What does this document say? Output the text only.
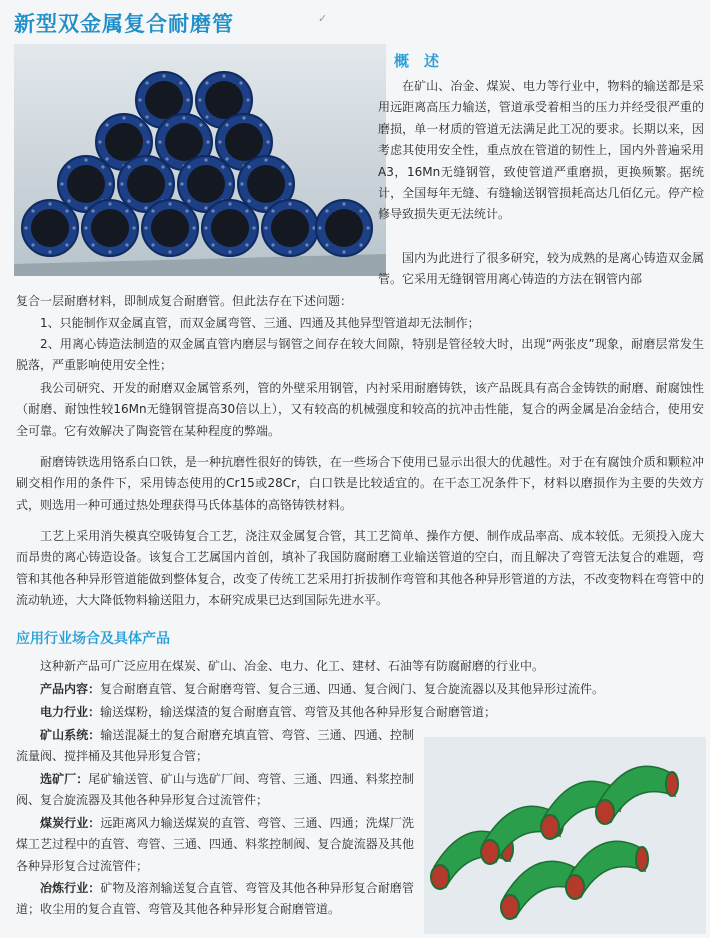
新型双金属复合耐磨管	✓
概　述

在矿山、冶金、煤炭、电力等行业中，物料的输送都是采用远距离高压力输送，管道承受着相当的压力并经受很严重的磨损，单一材质的管道无法满足此工况的要求。长期以来，因考虑其使用安全性，重点放在管道的韧性上，国内外普遍采用A3，16Mn无缝钢管，致使管道严重磨损，更换频繁。据统计，全国每年无缝、有缝输送钢管损耗高达几佰亿元。停产检修导致损失更无法统计。

国内为此进行了很多研究，较为成熟的是离心铸造双金属管。它采用无缝钢管用离心铸造的方法在钢管内部

复合一层耐磨材料，即制成复合耐磨管。但此法存在下述问题：

1、只能制作双金属直管，而双金属弯管、三通、四通及其他异型管道却无法制作；

2、用离心铸造法制造的双金属直管内磨层与钢管之间存在较大间隙，特别是管径较大时，出现“两张皮”现象，耐磨层常发生脱落，严重影响使用安全性；

我公司研究、开发的耐磨双金属管系列，管的外壁采用钢管，内衬采用耐磨铸铁，该产品既具有高合金铸铁的耐磨、耐腐蚀性（耐磨、耐蚀性较16Mn无缝钢管提高30倍以上），又有较高的机械强度和较高的抗冲击性能，复合的两金属是冶金结合，使用安全可靠。它有效解决了陶瓷管在某种程度的弊端。

耐磨铸铁选用铬系白口铁，是一种抗磨性很好的铸铁，在一些场合下使用已显示出很大的优越性。对于在有腐蚀介质和颗粒冲刷交相作用的条件下，采用铸态使用的Cr15或28Cr，白口铁是比较适宜的。在干态工况条件下，材料以磨损作为主要的失效方式，则选用一种可通过热处理获得马氏体基体的高铬铸铁材料。

工艺上采用消失模真空吸铸复合工艺，浇注双金属复合管，其工艺简单、操作方便、制作成品率高、成本较低。无须投入庞大而昂贵的离心铸造设备。该复合工艺属国内首创，填补了我国防腐耐磨工业输送管道的空白，而且解决了弯管无法复合的难题，弯管和其他各种异形管道能做到整体复合，改变了传统工艺采用打折拔制作弯管和其他各种异形管道的方法，不改变物料在弯管中的流动轨迹，大大降低物料输送阻力，本研究成果已达到国际先进水平。

应用行业场合及具体产品

这种新产品可广泛应用在煤炭、矿山、冶金、电力、化工、建材、石油等有防腐耐磨的行业中。

产品内容：复合耐磨直管、复合耐磨弯管、复合三通、四通、复合阀门、复合旋流器以及其他异形过流件。

电力行业：输送煤粉，输送煤渣的复合耐磨直管、弯管及其他各种异形复合耐磨管道；

矿山系统：输送混凝土的复合耐磨充填直管、弯管、三通、四通、控制流量阀、搅拌桶及其他异形复合管；

选矿厂：尾矿输送管、矿山与选矿厂间、弯管、三通、四通、料浆控制阀、复合旋流器及其他各种异形复合过流管件；

煤炭行业：远距离风力输送煤炭的直管、弯管、三通、四通；洗煤厂洗煤工艺过程中的直管、弯管、三通、四通、料浆控制阀、复合旋流器及其他各种异形复合过流管件；

冶炼行业：矿物及溶剂输送复合直管、弯管及其他各种异形复合耐磨管道；收尘用的复合直管、弯管及其他各种异形复合耐磨管道。
